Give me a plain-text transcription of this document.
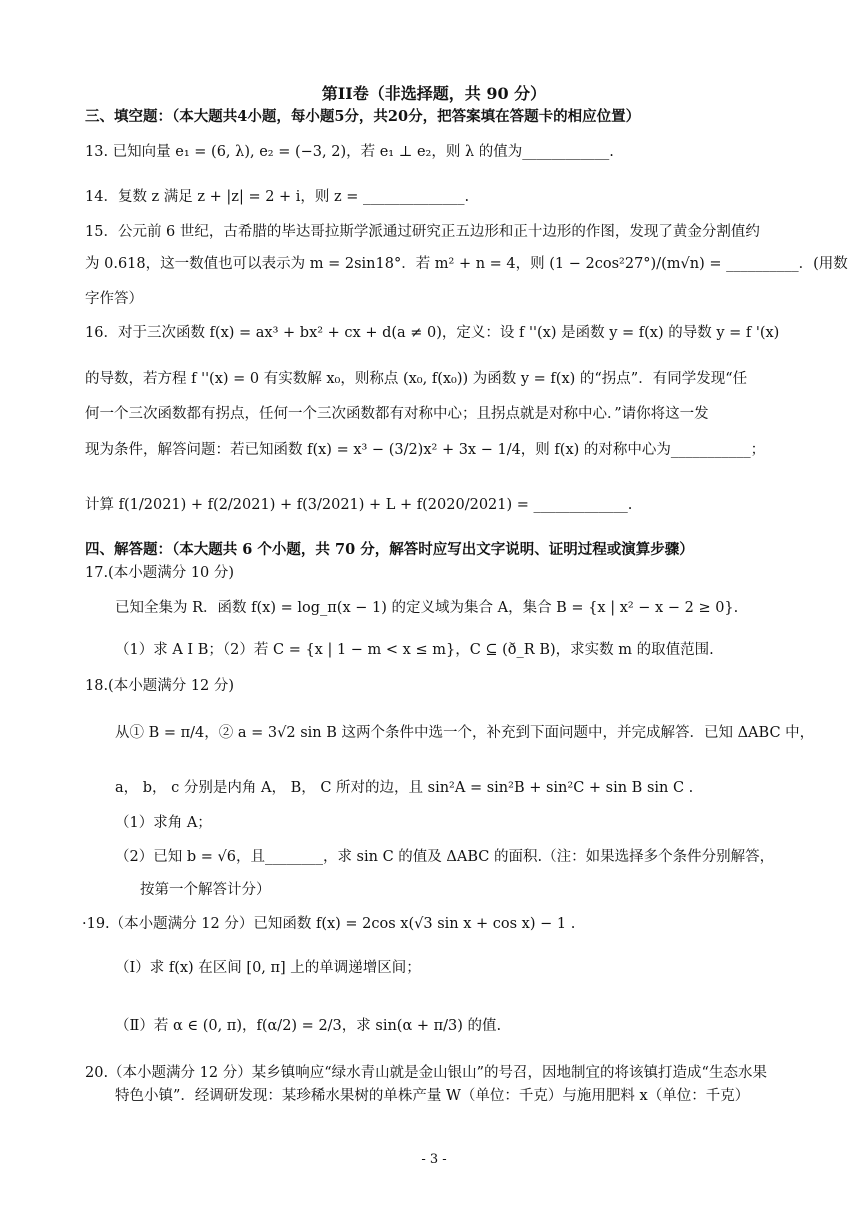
第II卷（非选择题，共 90 分）
三、填空题：（本大题共4小题，每小题5分，共20分，把答案填在答题卡的相应位置）
13. 已知向量 e₁ = (6, λ), e₂ = (−3, 2)，若 e₁ ⊥ e₂，则 λ 的值为____________.
14．复数 z 满足 z + |z| = 2 + i，则 z = ______________.
15．公元前 6 世纪，古希腊的毕达哥拉斯学派通过研究正五边形和正十边形的作图，发现了黄金分割值约
为 0.618，这一数值也可以表示为 m = 2sin18°．若 m² + n = 4，则 (1 − 2cos²27°)/(m√n) = __________．(用数
字作答）
16．对于三次函数 f(x) = ax³ + bx² + cx + d(a ≠ 0)，定义：设 f ''(x) 是函数 y = f(x) 的导数 y = f '(x)
的导数，若方程 f ''(x) = 0 有实数解 x₀，则称点 (x₀, f(x₀)) 为函数 y = f(x) 的“拐点”．有同学发现“任
何一个三次函数都有拐点，任何一个三次函数都有对称中心；且拐点就是对称中心．”请你将这一发
现为条件，解答问题：若已知函数 f(x) = x³ − (3/2)x² + 3x − 1/4，则 f(x) 的对称中心为___________；
计算 f(1/2021) + f(2/2021) + f(3/2021) + L + f(2020/2021) = _____________.
四、解答题：（本大题共 6 个小题，共 70 分，解答时应写出文字说明、证明过程或演算步骤）
17.(本小题满分 10 分)
已知全集为 R．函数 f(x) = log_π(x − 1) 的定义域为集合 A，集合 B = {x | x² − x − 2 ≥ 0}.
（1）求 A I B；（2）若 C = {x | 1 − m < x ≤ m}，C ⊆ (ð_R B)，求实数 m 的取值范围.
18.(本小题满分 12 分)
从① B = π/4，② a = 3√2 sin B 这两个条件中选一个，补充到下面问题中，并完成解答．已知 ΔABC 中，
a， b， c 分别是内角 A， B， C 所对的边，且 sin²A = sin²B + sin²C + sin B sin C .
（1）求角 A；
（2）已知 b = √6，且________，求 sin C 的值及 ΔABC 的面积.（注：如果选择多个条件分别解答，
按第一个解答计分）
·19.（本小题满分 12 分）已知函数 f(x) = 2cos x(√3 sin x + cos x) − 1 .
（Ⅰ）求 f(x) 在区间 [0, π] 上的单调递增区间；
（Ⅱ）若 α ∈ (0, π)，f(α/2) = 2/3，求 sin(α + π/3) 的值.
20.（本小题满分 12 分）某乡镇响应“绿水青山就是金山银山”的号召，因地制宜的将该镇打造成“生态水果
特色小镇”．经调研发现：某珍稀水果树的单株产量 W（单位：千克）与施用肥料 x（单位：千克）
- 3 -
